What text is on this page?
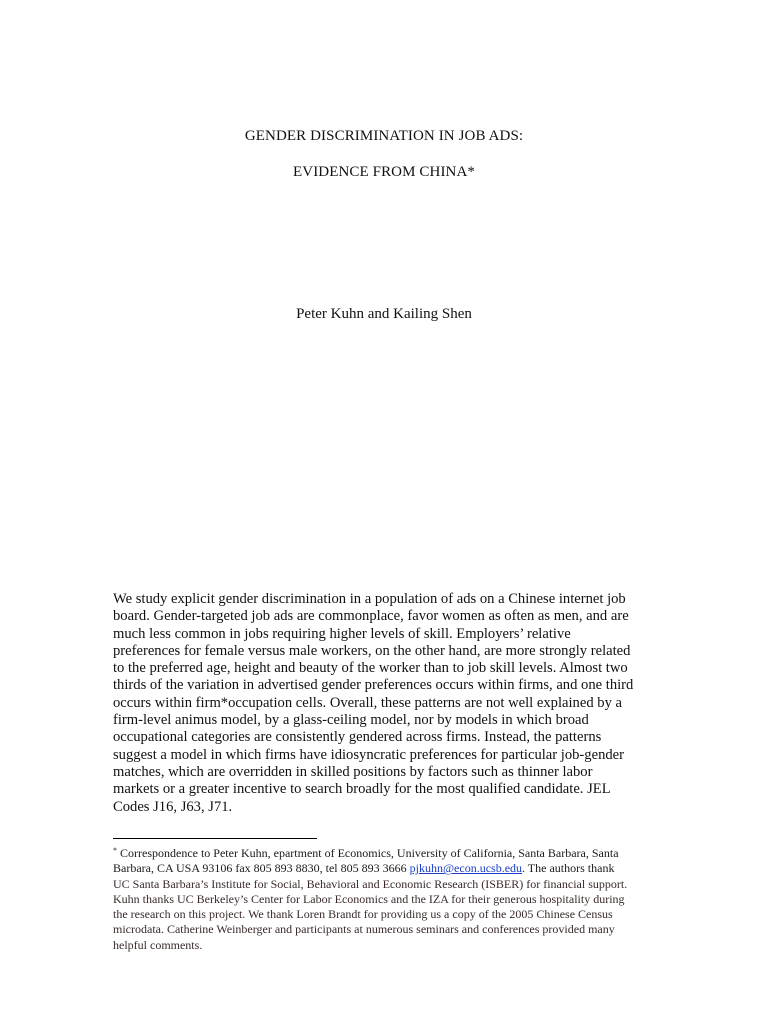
GENDER DISCRIMINATION IN JOB ADS:
EVIDENCE FROM CHINA*
Peter Kuhn and Kailing Shen
We study explicit gender discrimination in a population of ads on a Chinese internet job
board. Gender-targeted job ads are commonplace, favor women as often as men, and are
much less common in jobs requiring higher levels of skill. Employers’ relative
preferences for female versus male workers, on the other hand, are more strongly related
to the preferred age, height and beauty of the worker than to job skill levels. Almost two
thirds of the variation in advertised gender preferences occurs within firms, and one third
occurs within firm*occupation cells. Overall, these patterns are not well explained by a
firm-level animus model, by a glass-ceiling model, nor by models in which broad
occupational categories are consistently gendered across firms. Instead, the patterns
suggest a model in which firms have idiosyncratic preferences for particular job-gender
matches, which are overridden in skilled positions by factors such as thinner labor
markets or a greater incentive to search broadly for the most qualified candidate. JEL
Codes J16, J63, J71.
* Correspondence to Peter Kuhn, epartment of Economics, University of California, Santa Barbara, Santa
Barbara, CA USA 93106 fax 805 893 8830, tel 805 893 3666 pjkuhn@econ.ucsb.edu. The authors thank
UC Santa Barbara’s Institute for Social, Behavioral and Economic Research (ISBER) for financial support.
Kuhn thanks UC Berkeley’s Center for Labor Economics and the IZA for their generous hospitality during
the research on this project. We thank Loren Brandt for providing us a copy of the 2005 Chinese Census
microdata. Catherine Weinberger and participants at numerous seminars and conferences provided many
helpful comments.
